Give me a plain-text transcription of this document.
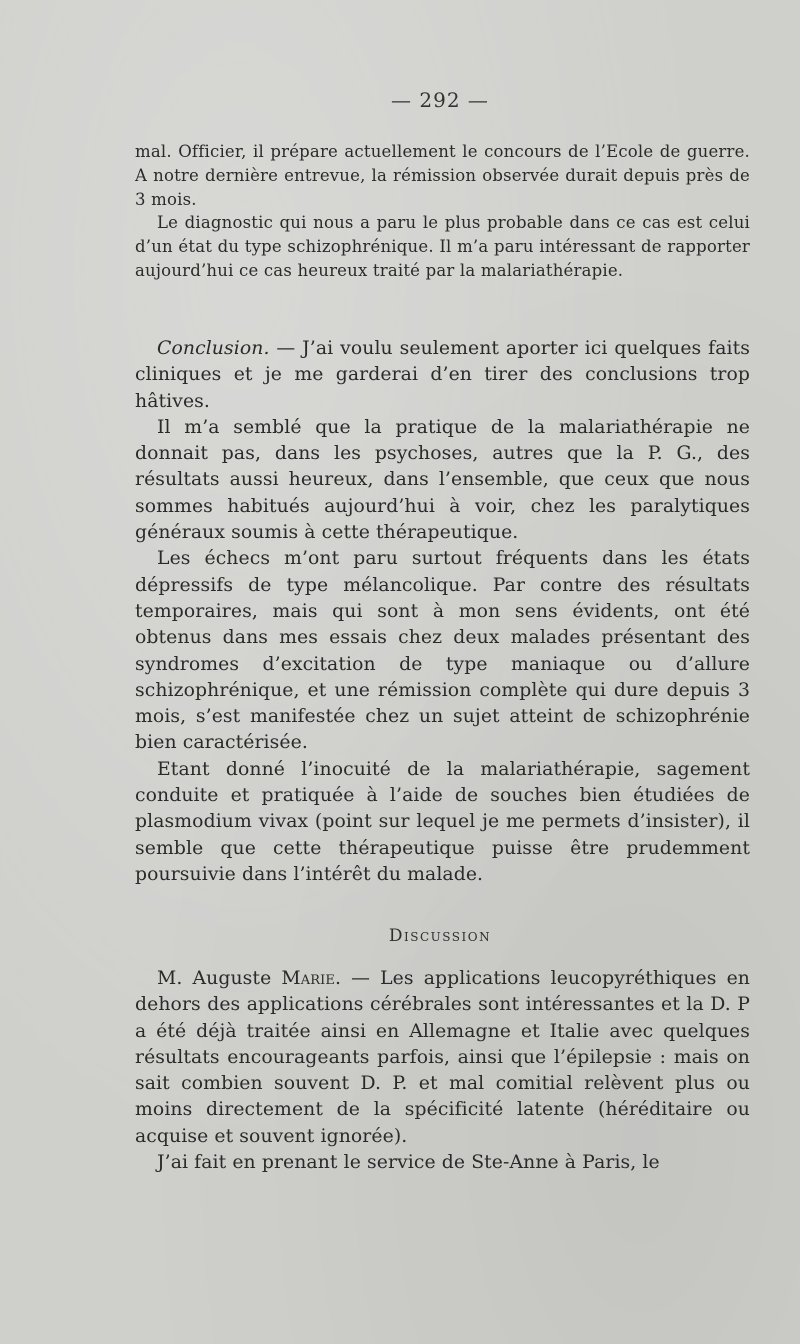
— 292 —

mal. Officier, il prépare actuellement le concours de l’Ecole de guerre. A notre dernière entrevue, la rémission observée durait depuis près de 3 mois.

Le diagnostic qui nous a paru le plus probable dans ce cas est celui d’un état du type schizophrénique. Il m’a paru intéressant de rapporter aujourd’hui ce cas heureux traité par la malariathérapie.

Conclusion. — J’ai voulu seulement aporter ici quelques faits cliniques et je me garderai d’en tirer des conclusions trop hâtives.

Il m’a semblé que la pratique de la malariathérapie ne donnait pas, dans les psychoses, autres que la P. G., des résultats aussi heureux, dans l’ensemble, que ceux que nous sommes habitués aujourd’hui à voir, chez les paralytiques généraux soumis à cette thérapeutique.

Les échecs m’ont paru surtout fréquents dans les états dépressifs de type mélancolique. Par contre des résultats temporaires, mais qui sont à mon sens évidents, ont été obtenus dans mes essais chez deux malades présentant des syndromes d’excitation de type maniaque ou d’allure schizophrénique, et une rémission complète qui dure depuis 3 mois, s’est manifestée chez un sujet atteint de schizophrénie bien caractérisée.

Etant donné l’inocuité de la malariathérapie, sagement conduite et pratiquée à l’aide de souches bien étudiées de plasmodium vivax (point sur lequel je me permets d’insister), il semble que cette thérapeutique puisse être prudemment poursuivie dans l’intérêt du malade.

Discussion

M. Auguste Marie. — Les applications leucopyréthiques en dehors des applications cérébrales sont intéressantes et la D. P a été déjà traitée ainsi en Allemagne et Italie avec quelques résultats encourageants parfois, ainsi que l’épilepsie : mais on sait combien souvent D. P. et mal comitial relèvent plus ou moins directement de la spécificité latente (héréditaire ou acquise et souvent ignorée).

J’ai fait en prenant le service de Ste-Anne à Paris, le
